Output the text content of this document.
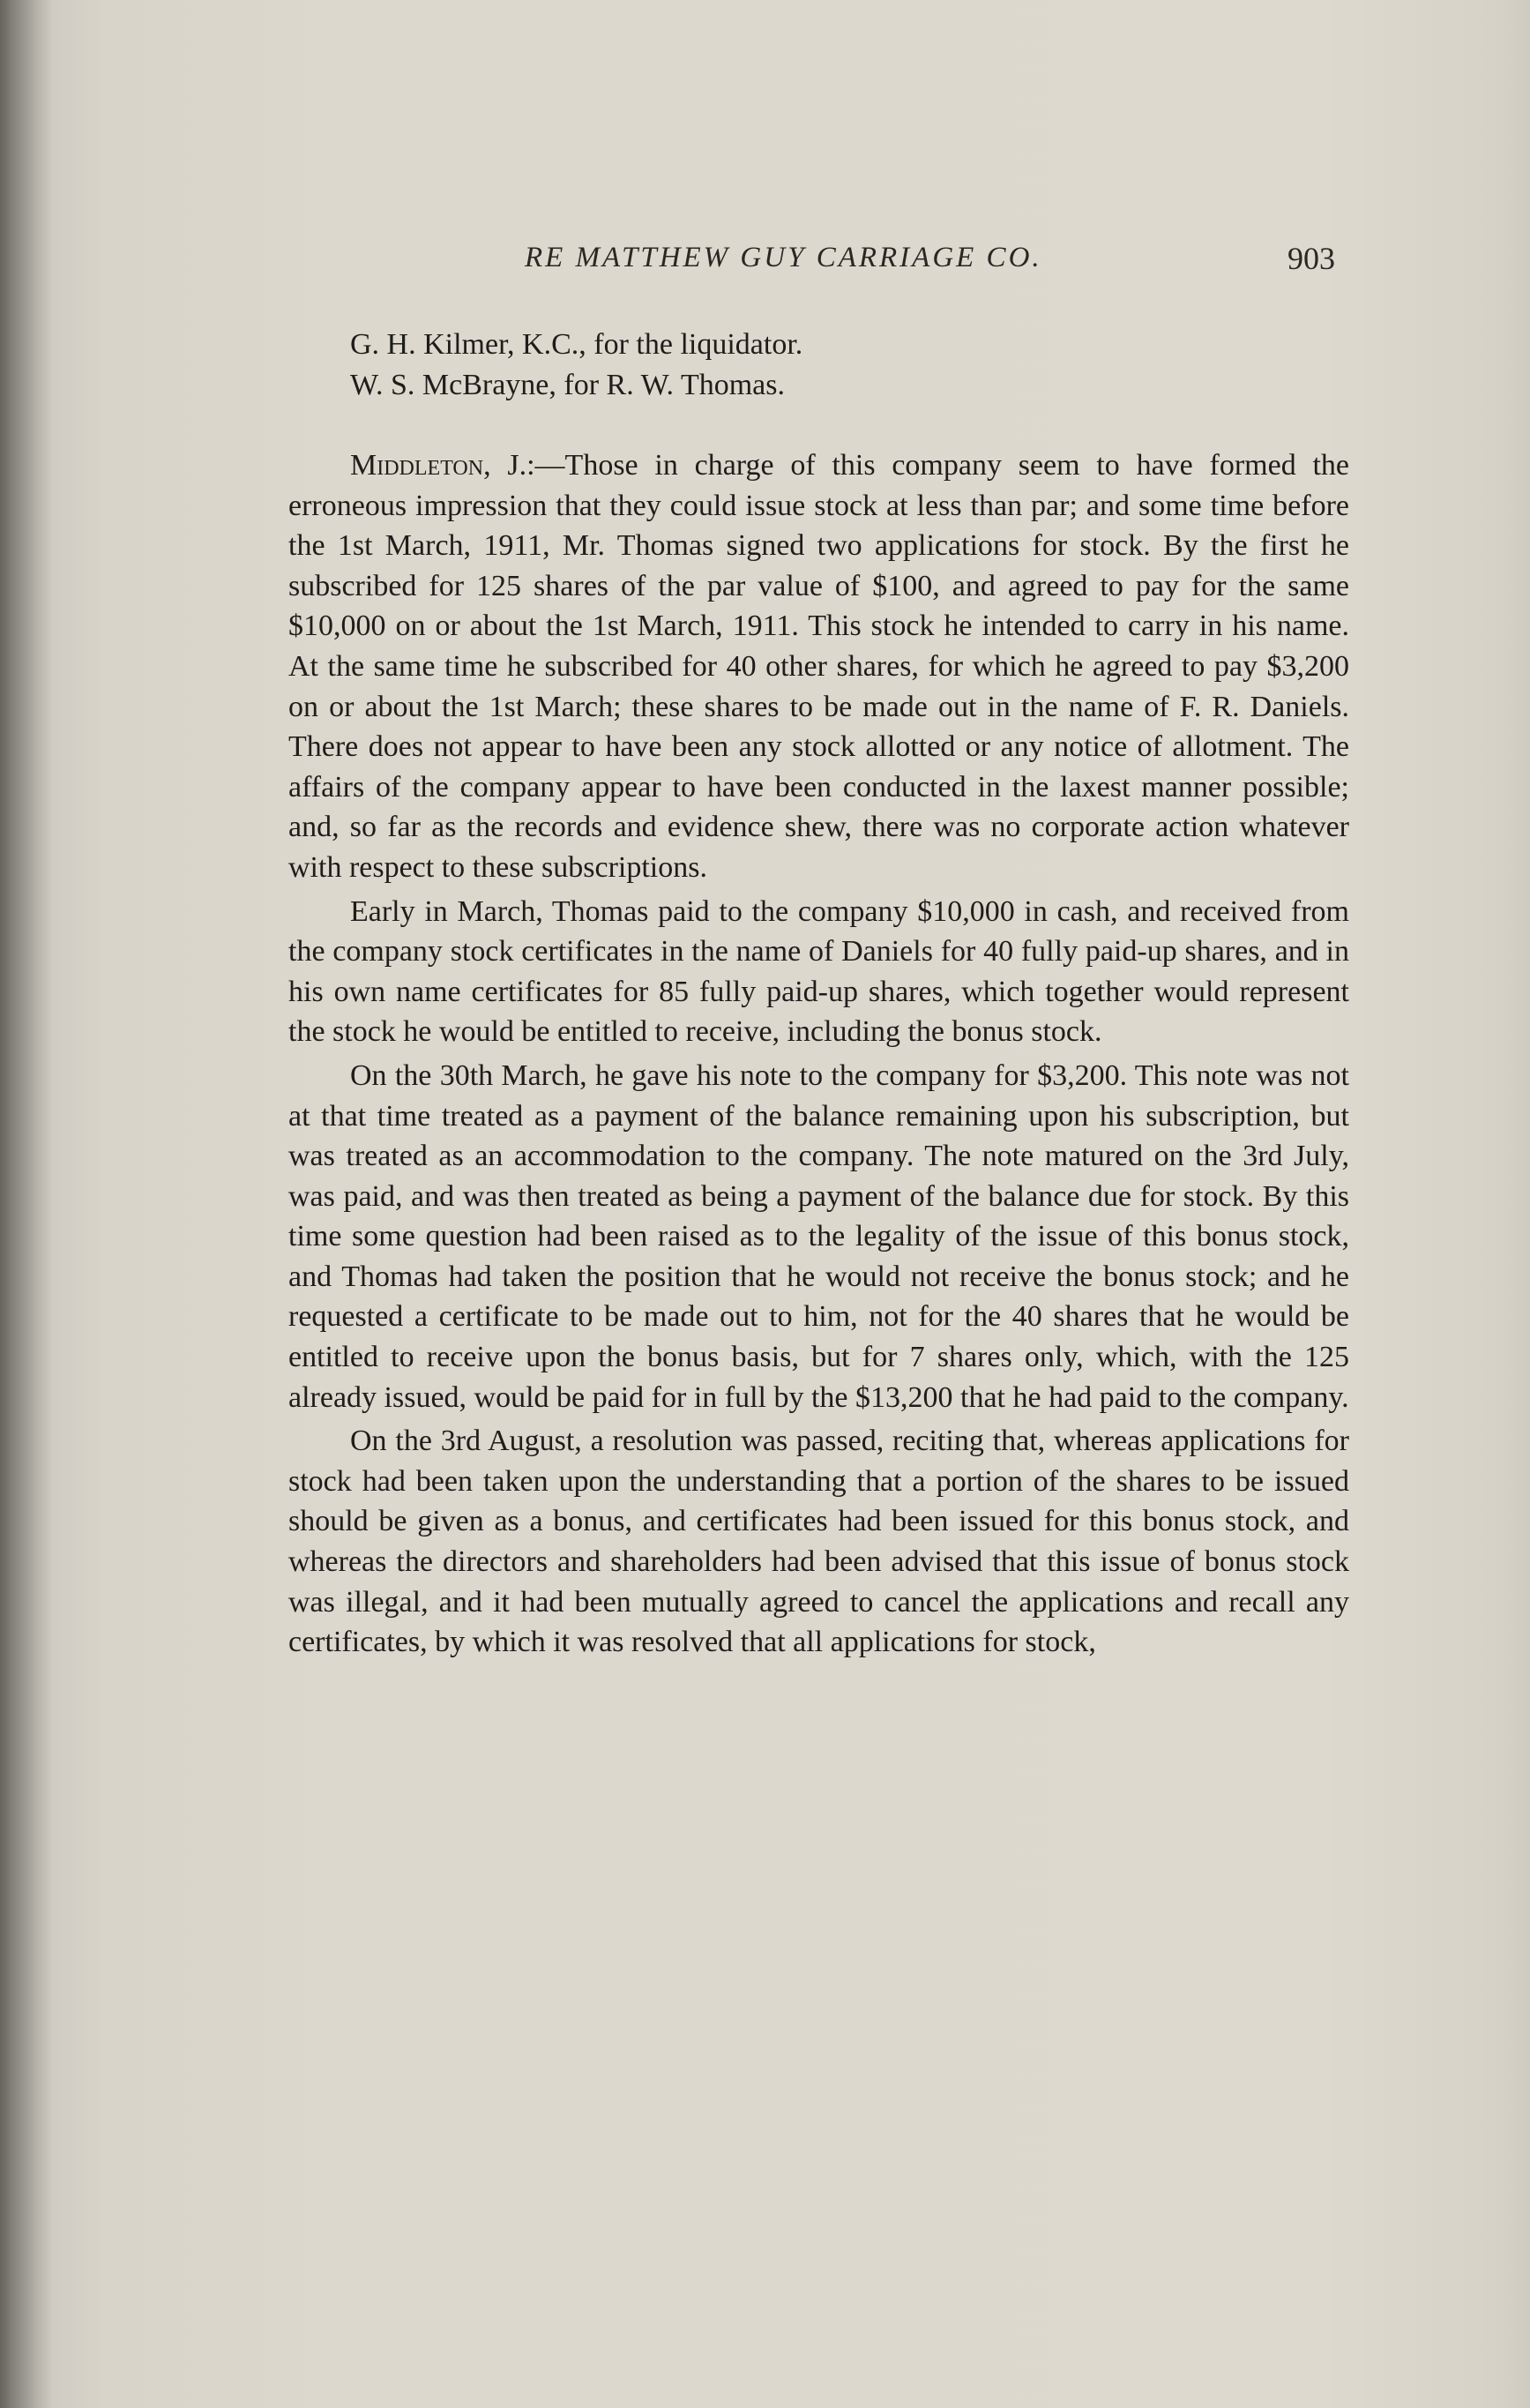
RE MATTHEW GUY CARRIAGE CO.	903
G. H. Kilmer, K.C., for the liquidator.
W. S. McBrayne, for R. W. Thomas.

Middleton, J.:—Those in charge of this company seem to have formed the erroneous impression that they could issue stock at less than par; and some time before the 1st March, 1911, Mr. Thomas signed two applications for stock. By the first he subscribed for 125 shares of the par value of $100, and agreed to pay for the same $10,000 on or about the 1st March, 1911. This stock he intended to carry in his name. At the same time he subscribed for 40 other shares, for which he agreed to pay $3,200 on or about the 1st March; these shares to be made out in the name of F. R. Daniels. There does not appear to have been any stock allotted or any notice of allotment. The affairs of the company appear to have been conducted in the laxest manner possible; and, so far as the records and evidence shew, there was no corporate action whatever with respect to these subscriptions.

Early in March, Thomas paid to the company $10,000 in cash, and received from the company stock certificates in the name of Daniels for 40 fully paid-up shares, and in his own name certificates for 85 fully paid-up shares, which together would represent the stock he would be entitled to receive, including the bonus stock.

On the 30th March, he gave his note to the company for $3,200. This note was not at that time treated as a payment of the balance remaining upon his subscription, but was treated as an accommodation to the company. The note matured on the 3rd July, was paid, and was then treated as being a payment of the balance due for stock. By this time some question had been raised as to the legality of the issue of this bonus stock, and Thomas had taken the position that he would not receive the bonus stock; and he requested a certificate to be made out to him, not for the 40 shares that he would be entitled to receive upon the bonus basis, but for 7 shares only, which, with the 125 already issued, would be paid for in full by the $13,200 that he had paid to the company.

On the 3rd August, a resolution was passed, reciting that, whereas applications for stock had been taken upon the understanding that a portion of the shares to be issued should be given as a bonus, and certificates had been issued for this bonus stock, and whereas the directors and shareholders had been advised that this issue of bonus stock was illegal, and it had been mutually agreed to cancel the applications and recall any certificates, by which it was resolved that all applications for stock,
